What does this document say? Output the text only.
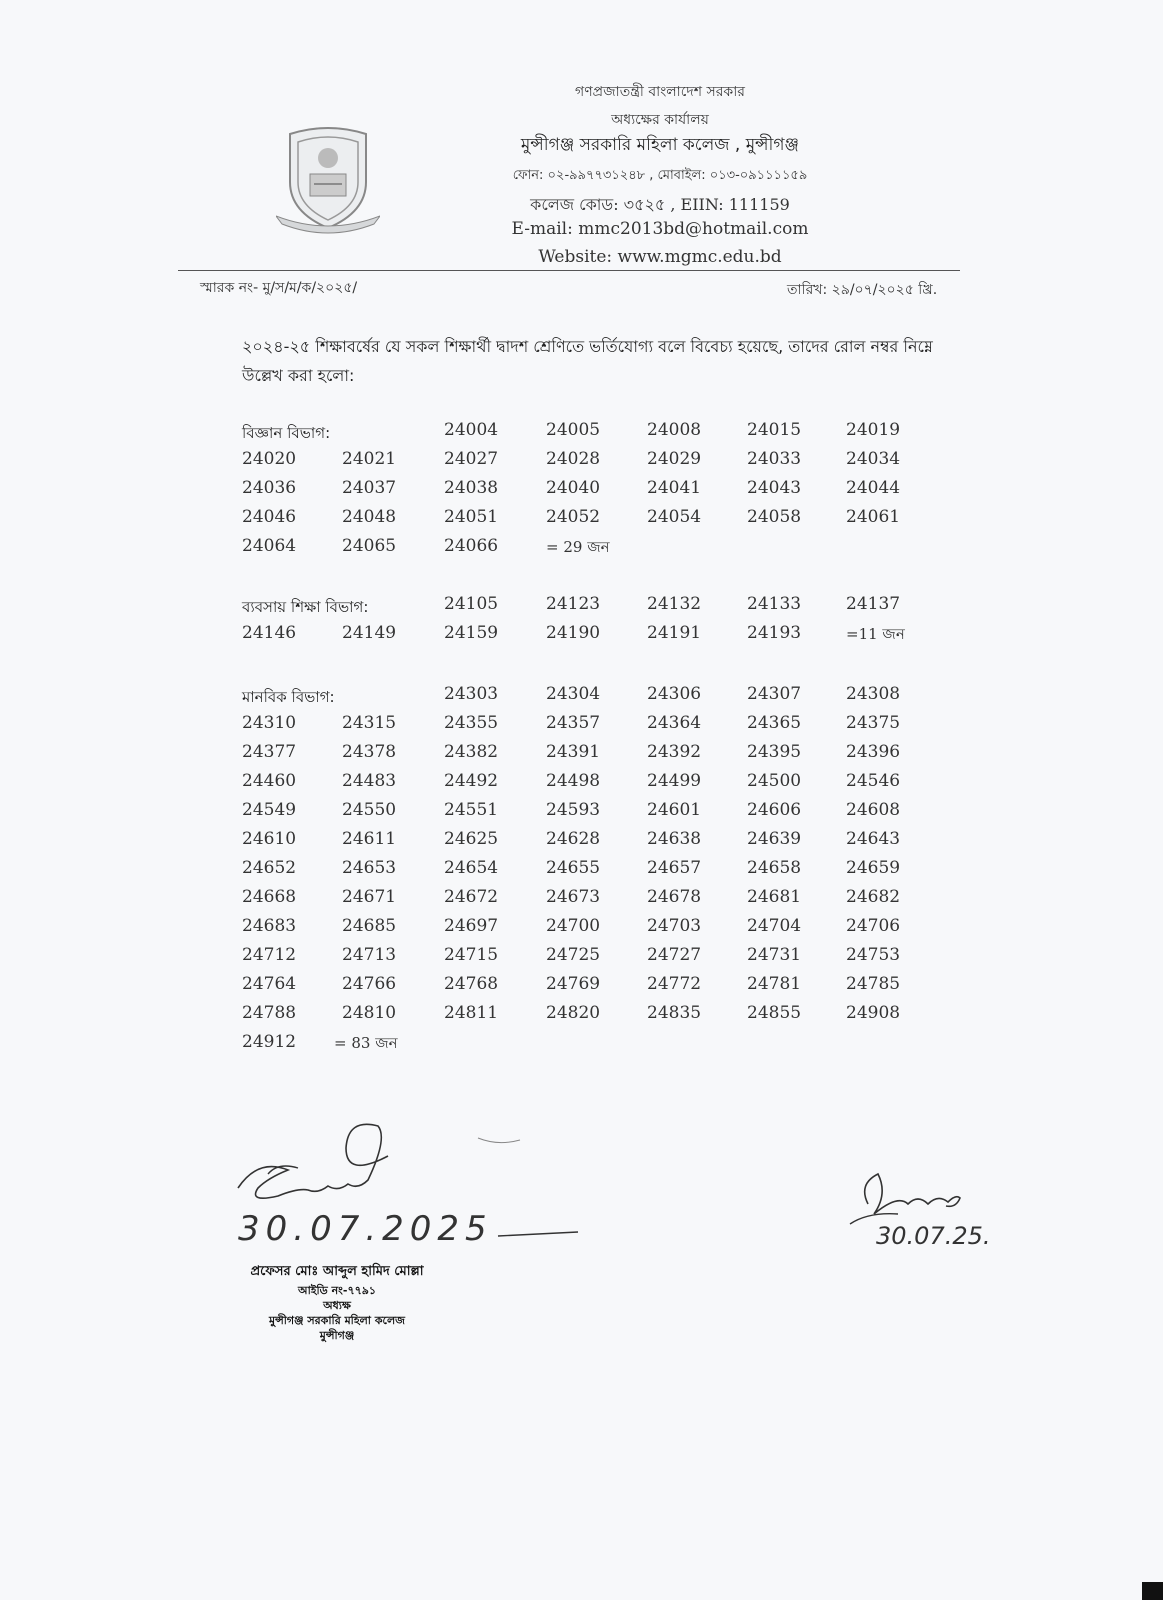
গণপ্রজাতন্ত্রী বাংলাদেশ সরকার
অধ্যক্ষের কার্যালয়
মুন্সীগঞ্জ সরকারি মহিলা কলেজ , মুন্সীগঞ্জ
ফোন: ০২-৯৯৭৭৩১২৪৮ , মোবাইল: ০১৩-০৯১১১১৫৯
কলেজ কোড: ৩৫২৫ , EIIN: 111159
E-mail: mmc2013bd@hotmail.com
Website: www.mgmc.edu.bd
স্মারক নং- মু/স/ম/ক/২০২৫/	তারিখ: ২৯/০৭/২০২৫ খ্রি.
২০২৪-২৫ শিক্ষাবর্ষের যে সকল শিক্ষার্থী দ্বাদশ শ্রেণিতে ভর্তিযোগ্য বলে বিবেচ্য হয়েছে, তাদের রোল নম্বর নিম্নে উল্লেখ করা হলো:
বিজ্ঞান বিভাগ:	24004	24005	24008	24015	24019
24020	24021	24027	24028	24029	24033	24034
24036	24037	24038	24040	24041	24043	24044
24046	24048	24051	24052	24054	24058	24061
24064	24065	24066	= 29 জন
ব্যবসায় শিক্ষা বিভাগ:	24105	24123	24132	24133	24137
24146	24149	24159	24190	24191	24193	=11 জন
মানবিক বিভাগ:	24303	24304	24306	24307	24308
24310	24315	24355	24357	24364	24365	24375
24377	24378	24382	24391	24392	24395	24396
24460	24483	24492	24498	24499	24500	24546
24549	24550	24551	24593	24601	24606	24608
24610	24611	24625	24628	24638	24639	24643
24652	24653	24654	24655	24657	24658	24659
24668	24671	24672	24673	24678	24681	24682
24683	24685	24697	24700	24703	24704	24706
24712	24713	24715	24725	24727	24731	24753
24764	24766	24768	24769	24772	24781	24785
24788	24810	24811	24820	24835	24855	24908
24912	= 83 জন
30.07.2025
প্রফেসর মোঃ আব্দুল হামিদ মোল্লা
আইডি নং-৭৭৯১
অধ্যক্ষ
মুন্সীগঞ্জ সরকারি মহিলা কলেজ
মুন্সীগঞ্জ
30.07.25.
